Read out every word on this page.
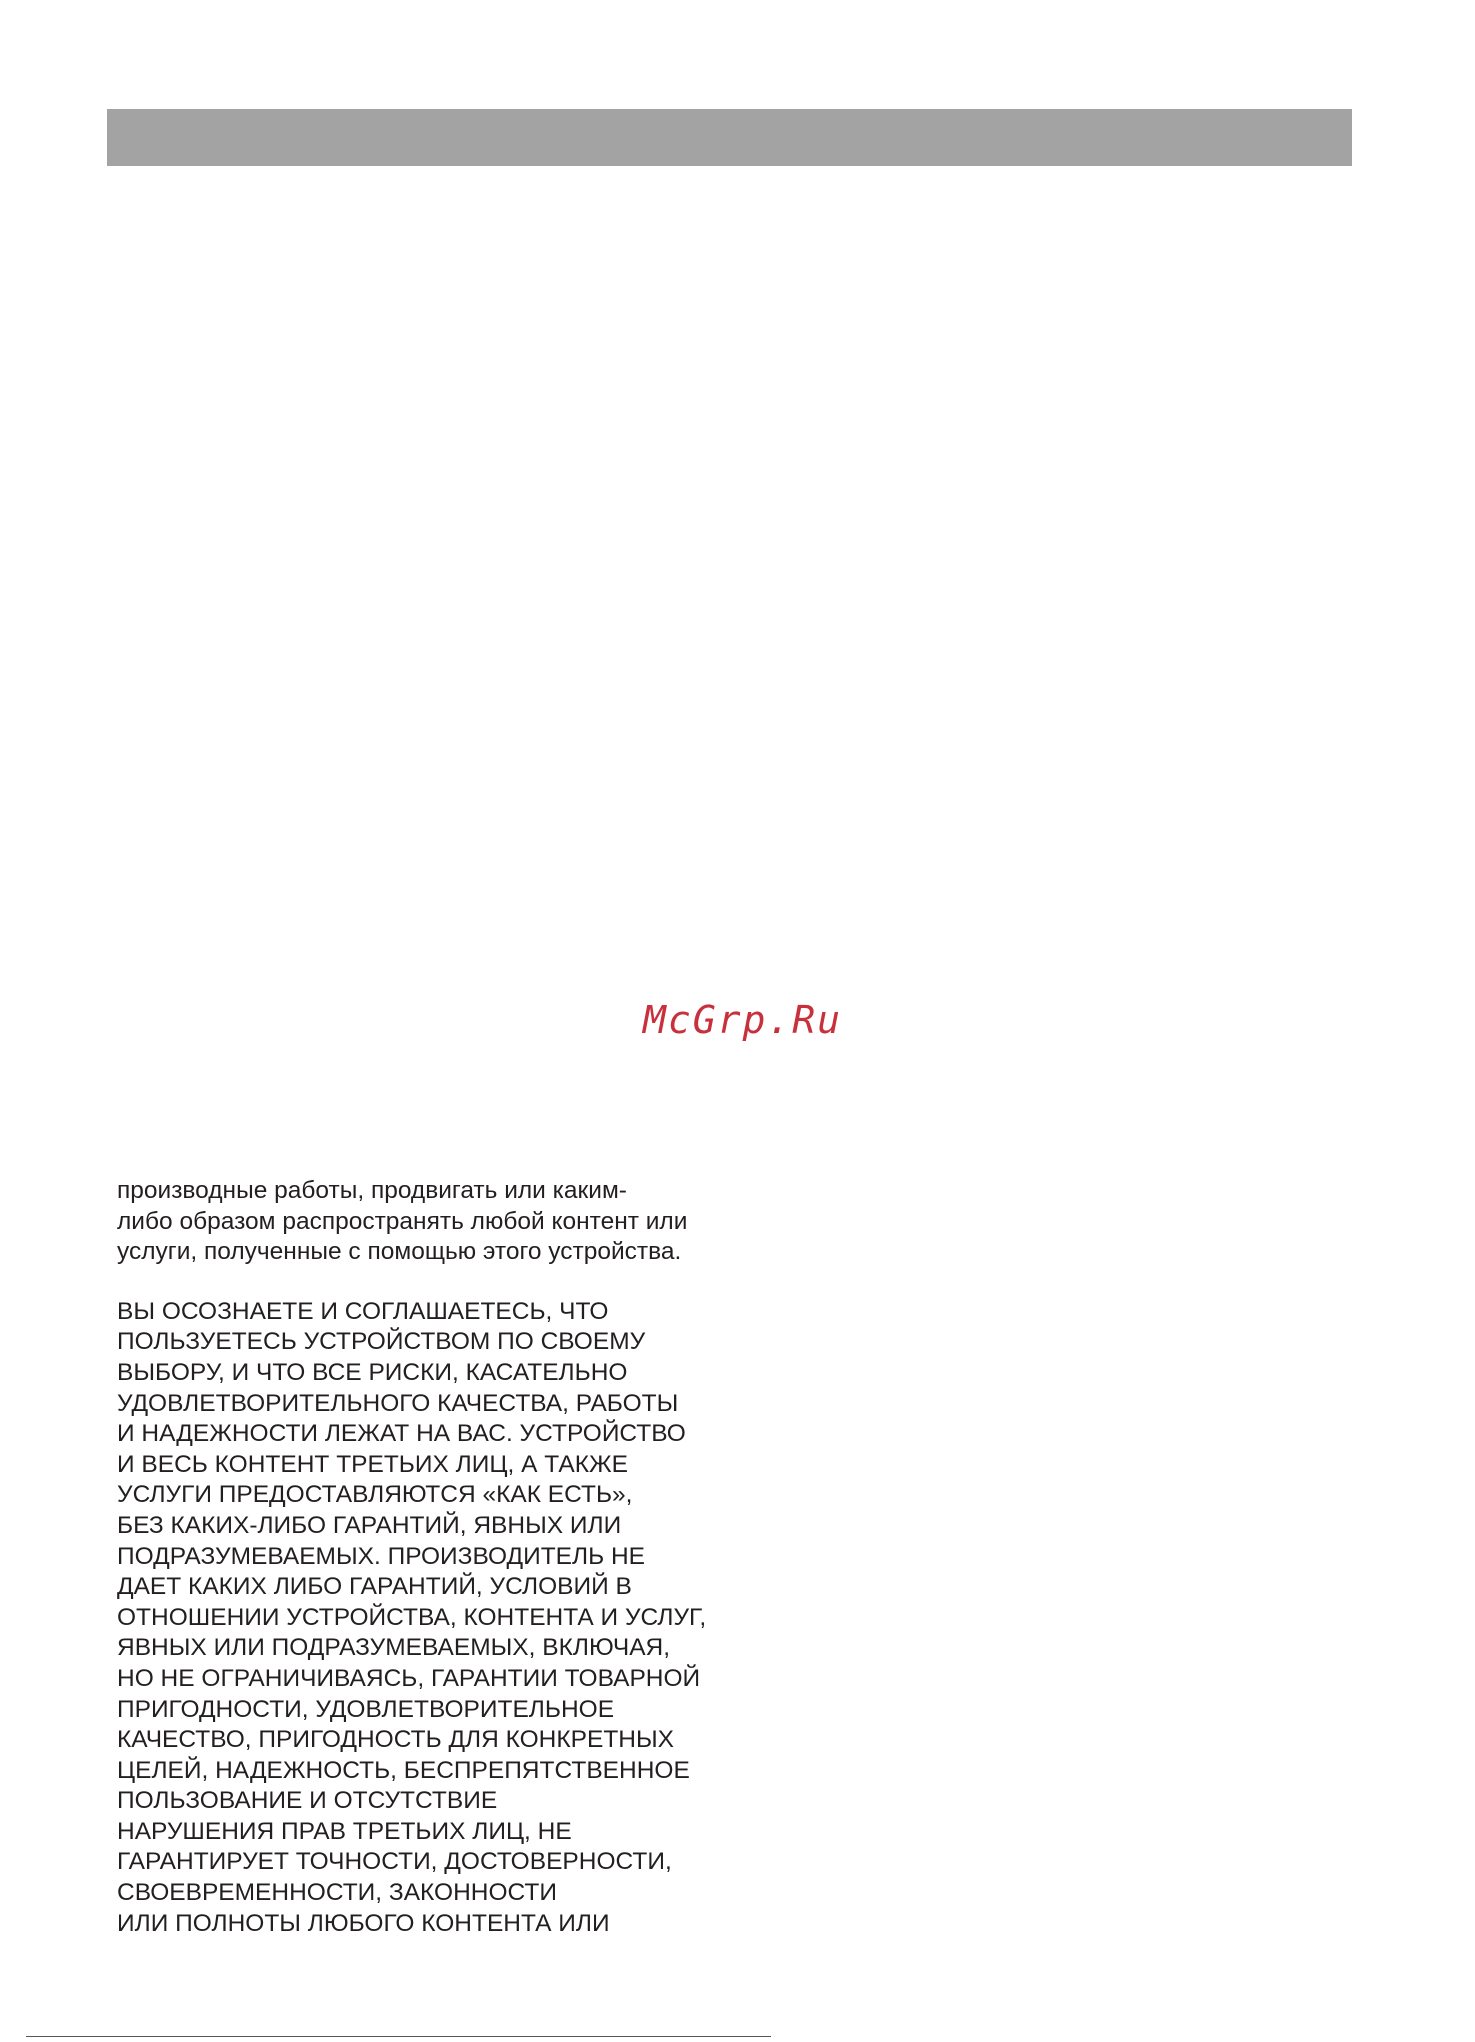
McGrp.Ru

производные работы, продвигать или каким-
либо образом распространять любой контент или
услуги, полученные с помощью этого устройства.

ВЫ ОСОЗНАЕТЕ И СОГЛАШАЕТЕСЬ, ЧТО
ПОЛЬЗУЕТЕСЬ УСТРОЙСТВОМ ПО СВОЕМУ
ВЫБОРУ, И ЧТО ВСЕ РИСКИ, КАСАТЕЛЬНО
УДОВЛЕТВОРИТЕЛЬНОГО КАЧЕСТВА, РАБОТЫ
И НАДЕЖНОСТИ ЛЕЖАТ НА ВАС. УСТРОЙСТВО
И ВЕСЬ КОНТЕНТ ТРЕТЬИХ ЛИЦ, А ТАКЖЕ
УСЛУГИ ПРЕДОСТАВЛЯЮТСЯ «КАК ЕСТЬ»,
БЕЗ КАКИХ-ЛИБО ГАРАНТИЙ, ЯВНЫХ ИЛИ
ПОДРАЗУМЕВАЕМЫХ. ПРОИЗВОДИТЕЛЬ НЕ
ДАЕТ КАКИХ ЛИБО ГАРАНТИЙ, УСЛОВИЙ В
ОТНОШЕНИИ УСТРОЙСТВА, КОНТЕНТА И УСЛУГ,
ЯВНЫХ ИЛИ ПОДРАЗУМЕВАЕМЫХ, ВКЛЮЧАЯ,
НО НЕ ОГРАНИЧИВАЯСЬ, ГАРАНТИИ ТОВАРНОЙ
ПРИГОДНОСТИ, УДОВЛЕТВОРИТЕЛЬНОЕ
КАЧЕСТВО, ПРИГОДНОСТЬ ДЛЯ КОНКРЕТНЫХ
ЦЕЛЕЙ, НАДЕЖНОСТЬ, БЕСПРЕПЯТСТВЕННОЕ
ПОЛЬЗОВАНИЕ И ОТСУТСТВИЕ
НАРУШЕНИЯ ПРАВ ТРЕТЬИХ ЛИЦ, НЕ
ГАРАНТИРУЕТ ТОЧНОСТИ, ДОСТОВЕРНОСТИ,
СВОЕВРЕМЕННОСТИ, ЗАКОННОСТИ
ИЛИ ПОЛНОТЫ ЛЮБОГО КОНТЕНТА ИЛИ
